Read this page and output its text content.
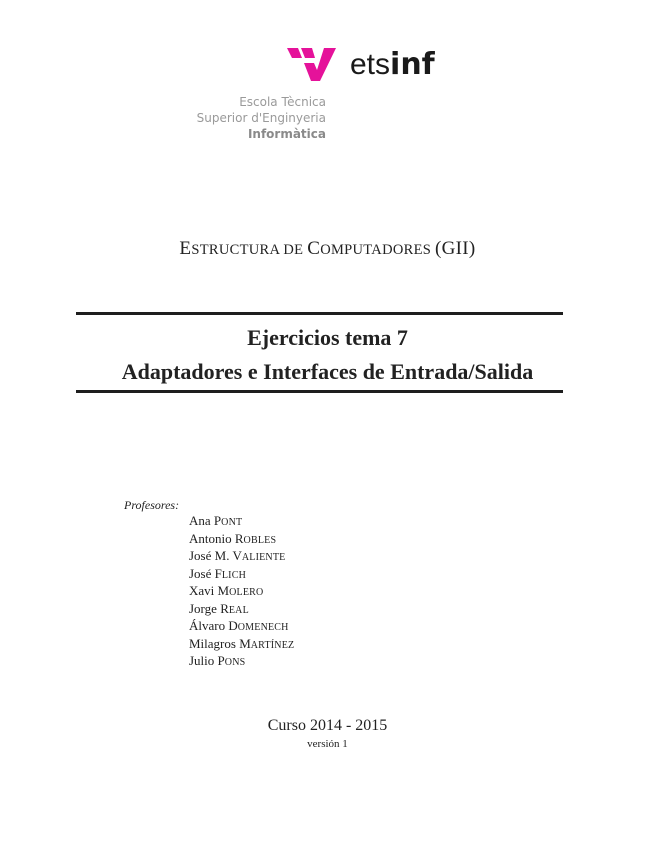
etsinf
Escola Tècnica
Superior d'Enginyeria
Informàtica
ESTRUCTURA DE COMPUTADORES (GII)
Ejercicios tema 7
Adaptadores e Interfaces de Entrada/Salida
Profesores:
Ana PONT
Antonio ROBLES
José M. VALIENTE
José FLICH
Xavi MOLERO
Jorge REAL
Álvaro DOMENECH
Milagros MARTÍNEZ
Julio PONS
Curso 2014 - 2015
versión 1
